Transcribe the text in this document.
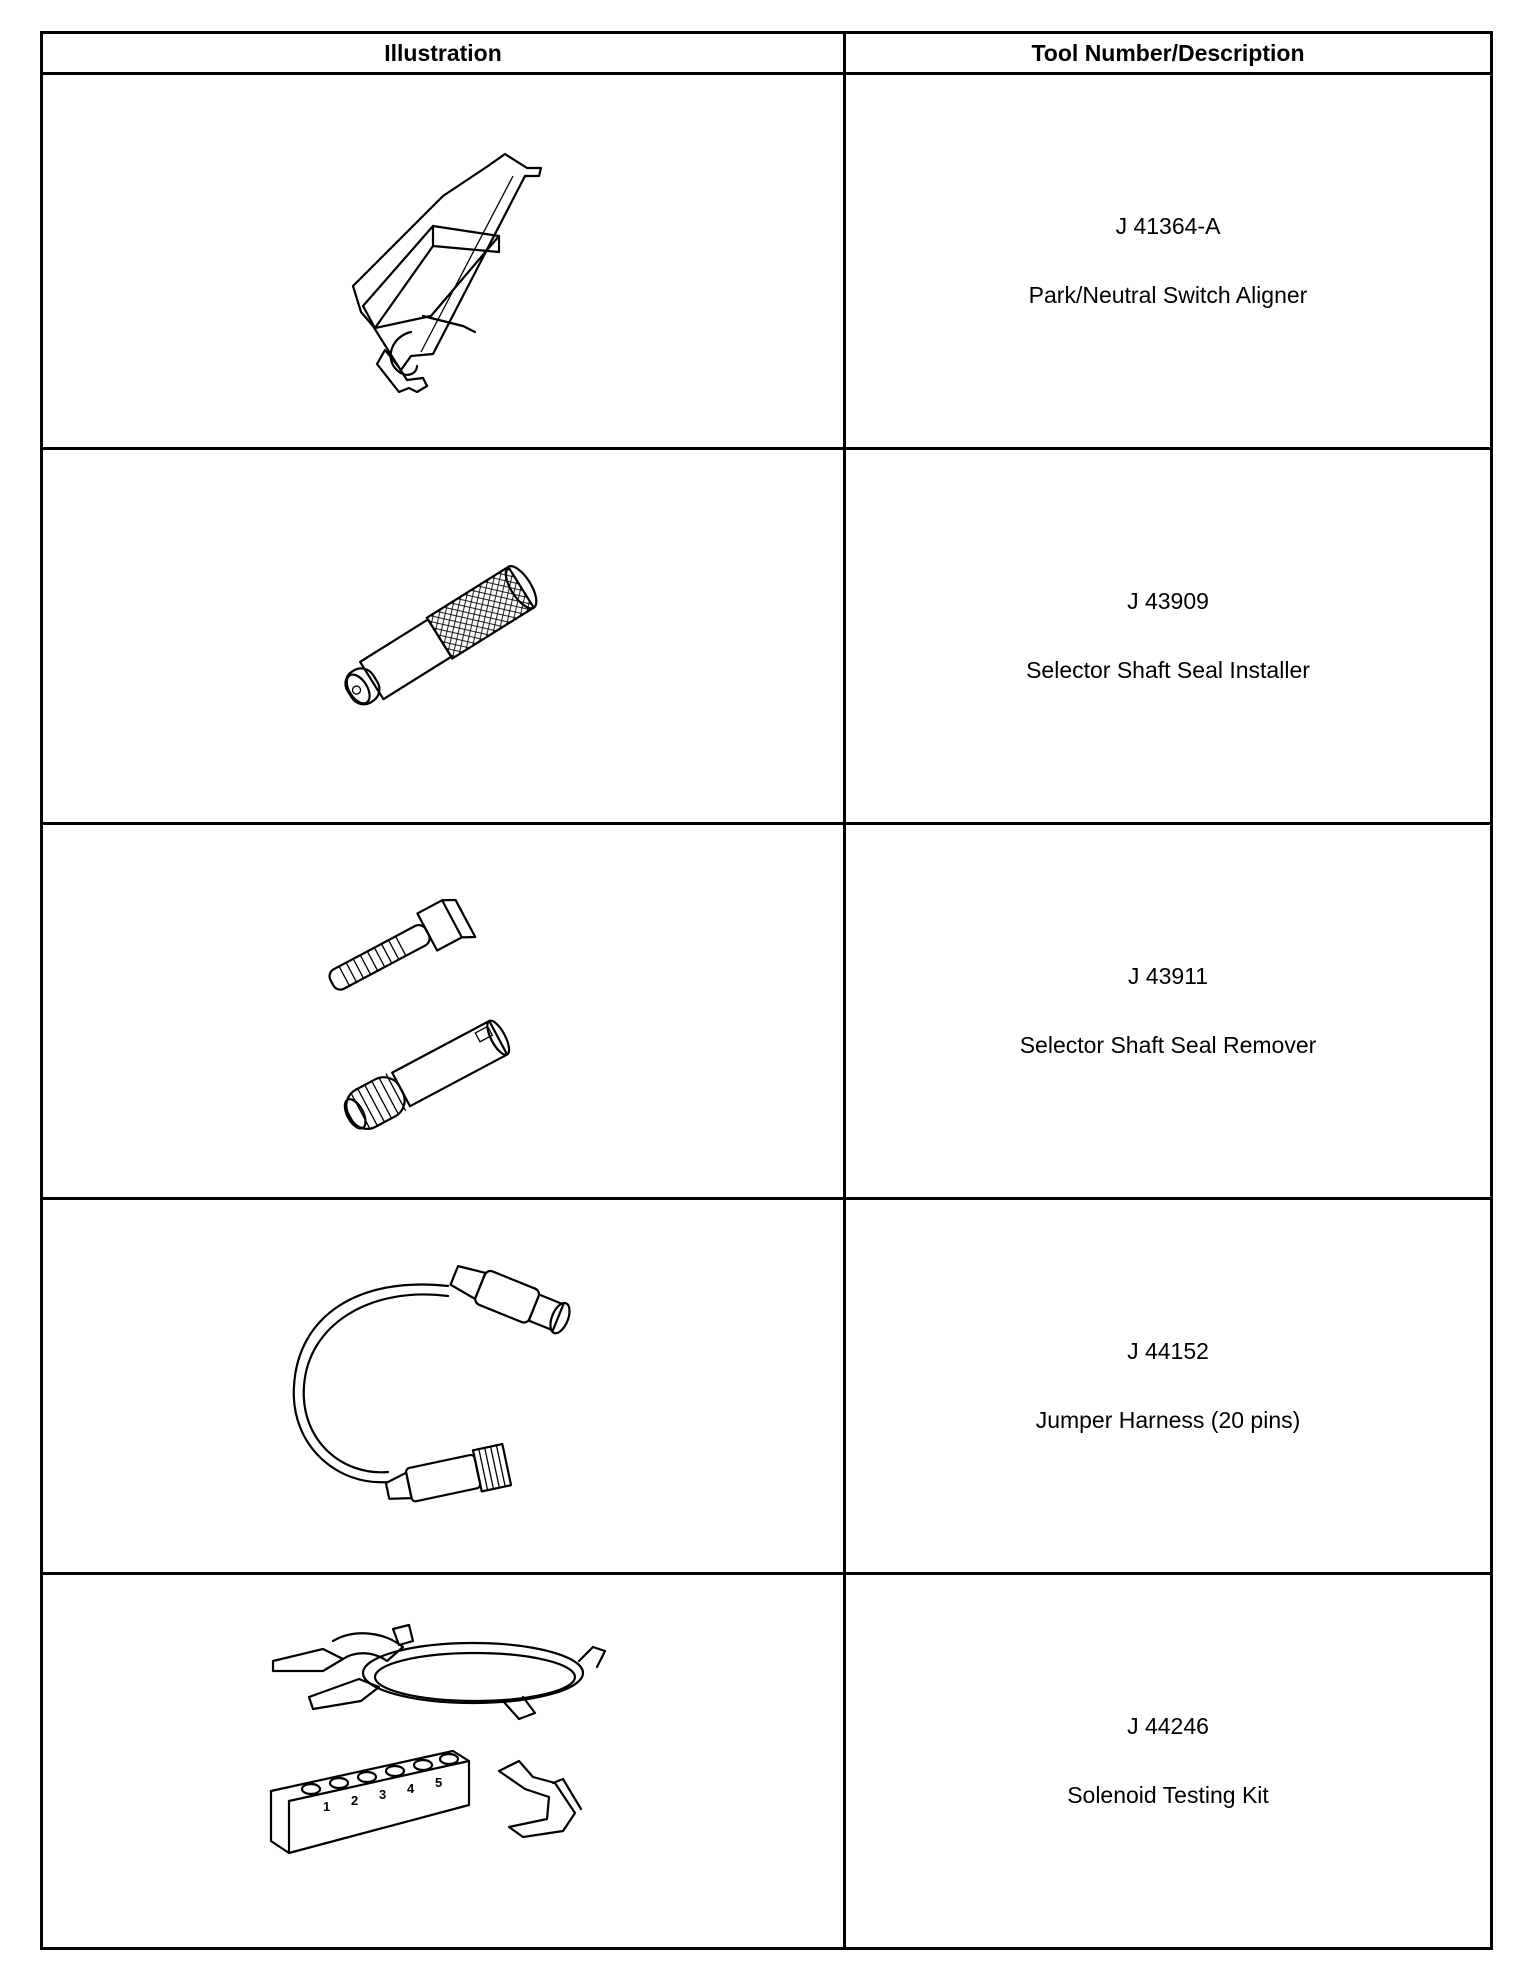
Illustration	Tool Number/Description

J 41364-A
Park/Neutral Switch Aligner

J 43909
Selector Shaft Seal Installer

J 43911
Selector Shaft Seal Remover

J 44152
Jumper Harness (20 pins)

1 2 3 4 5	J 44246
Solenoid Testing Kit
